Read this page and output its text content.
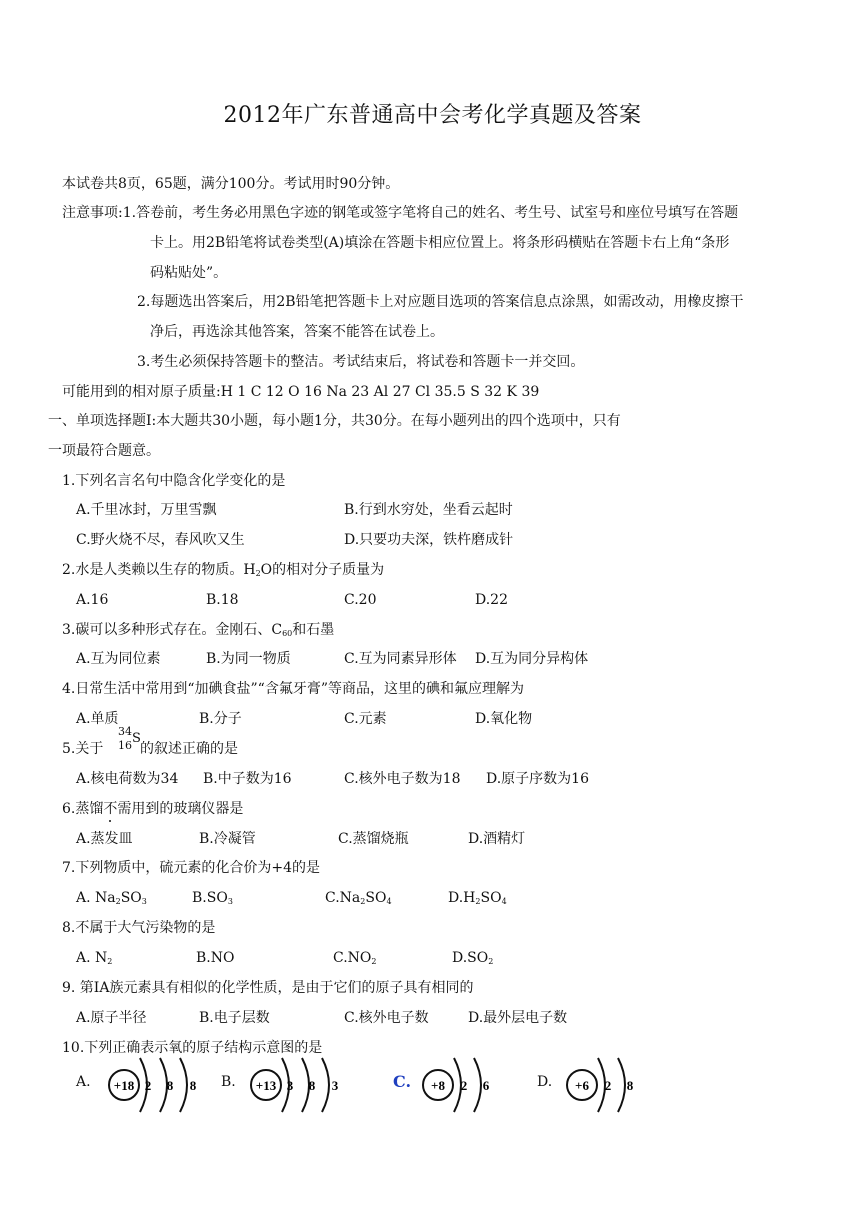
2012年广东普通高中会考化学真题及答案
本试卷共8页，65题，满分100分。考试用时90分钟。
注意事项:1.答卷前，考生务必用黑色字迹的钢笔或签字笔将自己的姓名、考生号、试室号和座位号填写在答题
卡上。用2B铅笔将试卷类型(A)填涂在答题卡相应位置上。将条形码横贴在答题卡右上角“条形
码粘贴处”。
2.每题选出答案后，用2B铅笔把答题卡上对应题目选项的答案信息点涂黑，如需改动，用橡皮擦干
净后，再选涂其他答案，答案不能答在试卷上。
3.考生必须保持答题卡的整洁。考试结束后，将试卷和答题卡一并交回。
可能用到的相对原子质量:H 1 C 12 O 16 Na 23 Al 27 Cl 35.5 S 32 K 39
一、单项选择题Ⅰ:本大题共30小题，每小题1分，共30分。在每小题列出的四个选项中，只有
一项最符合题意。
1.下列名言名句中隐含化学变化的是
A.千里冰封，万里雪飘	B.行到水穷处，坐看云起时
C.野火烧不尽，春风吹又生	D.只要功夫深，铁杵磨成针
2.水是人类赖以生存的物质。$H_2O$的相对分子质量为
A.16	B.18	C.20	D.22
3.碳可以多种形式存在。金刚石、$C_{60}$和石墨
A.互为同位素	B.为同一物质	C.互为同素异形体 D.互为同分异构体
4.日常生活中常用到“加碘食盐”“含氟牙膏”等商品，这里的碘和氟应理解为
A.单质	B.分子	C.元素	D.氧化物
5.关于
34
16 S
的叙述正确的是
A.核电荷数为34 B.中子数为16	C.核外电子数为18 D.原子序数为16
6.蒸馏不需用到的玻璃仪器是
A.蒸发皿	B.冷凝管	C.蒸馏烧瓶	D.酒精灯
7.下列物质中，硫元素的化合价为+4的是
A. $Na_2SO_3$	$B.SO_3$	$C.Na_2SO_4$	$D.H_2SO_4$
8.不属于大气污染物的是
A. $N_2$	B.NO	$C.NO_2$	$D.SO_2$
9. 第IA族元素具有相似的化学性质，是由于它们的原子具有相同的
A.原子半径	B.电子层数	C.核外电子数	D.最外层电子数
10.下列正确表示氧的原子结构示意图的是
A. +18 2 8 8 B. +13 3 8 3	C. +8 2 6	D. +6 2 8
